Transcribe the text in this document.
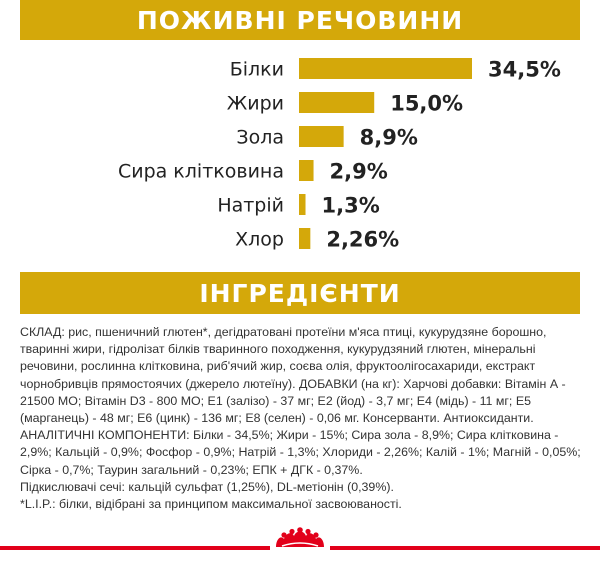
ПОЖИВНІ РЕЧОВИНИ
Білки	34,5%
Жири	15,0%
Зола	8,9%
Сира клітковина 2,9%
Натрій 1,3%
Хлор 2,26%
ІНГРЕДІЄНТИ

СКЛАД: рис, пшеничний глютен*, дегідратовані протеїни м'яса птиці, кукурудзяне борошно, тваринні жири, гідролізат білків тваринного походження, кукурудзяний глютен, мінеральні речовини, рослинна клітковина, риб'ячий жир, соєва олія, фруктоолігосахариди, екстракт чорнобривців прямостоячих (джерело лютеїну). ДОБАВКИ (на кг): Харчові добавки: Вітамін А - 21500 МО; Вітамін D3 - 800 МО; E1 (залізо) - 37 мг; E2 (йод) - 3,7 мг; E4 (мідь) - 11 мг; E5 (марганець) - 48 мг; E6 (цинк) - 136 мг; E8 (селен) - 0,06 мг. Консерванти. Антиоксиданти. АНАЛІТИЧНІ КОМПОНЕНТИ: Білки - 34,5%; Жири - 15%; Сира зола - 8,9%; Сира клітковина - 2,9%; Кальцій - 0,9%; Фосфор - 0,9%; Натрій - 1,3%; Хлориди - 2,26%; Калій - 1%; Магній - 0,05%; Сірка - 0,7%; Таурин загальний - 0,23%; ЕПК + ДГК - 0,37%.

Підкислювачі сечі: кальцій сульфат (1,25%), DL-метіонін (0,39%).

*L.I.P.: білки, відібрані за принципом максимальної засвоюваності.
